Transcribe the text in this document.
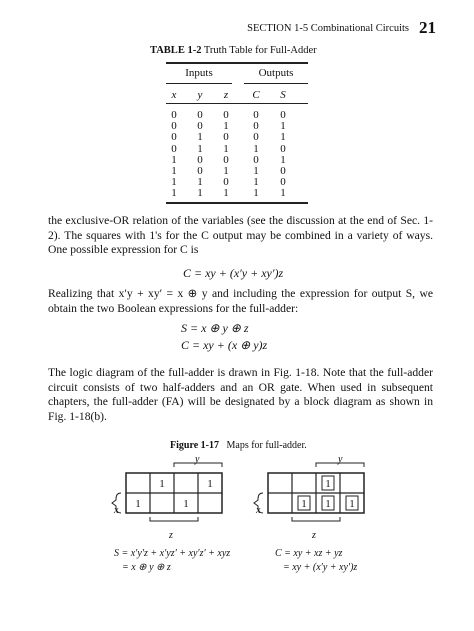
SECTION 1-5 Combinational Circuits 21
TABLE 1-2 Truth Table for Full-Adder
Inputs	Outputs
x	y	z	C	S
0	0	0	0	0
0	0	1	0	1
0	1	0	0	1
0	1	1	1	0
1	0	0	0	1
1	0	1	1	0
1	1	0	1	0
1	1	1	1	1
the exclusive-OR relation of the variables (see the discussion at the end of Sec. 1-2). The squares with 1's for the C output may be combined in a variety of ways. One possible expression for C is
C = xy + (x′y + xy′)z
Realizing that x′y + xy′ = x ⊕ y and including the expression for output S, we obtain the two Boolean expressions for the full-adder:
S = x ⊕ y ⊕ z
C = xy + (x ⊕ y)z
The logic diagram of the full-adder is drawn in Fig. 1-18. Note that the full-adder circuit consists of two half-adders and an OR gate. When used in subsequent chapters, the full-adder (FA) will be designated by a block diagram as shown in Fig. 1-18(b).
Figure 1-17 Maps for full-adder.
1	1
1	1
1
1 1 1
y
x
z
y
x
z
S = x′y′z + x′yz′ + xy′z′ + xyz
= x ⊕ y ⊕ z
C = xy + xz + yz
= xy + (x′y + xy′)z
